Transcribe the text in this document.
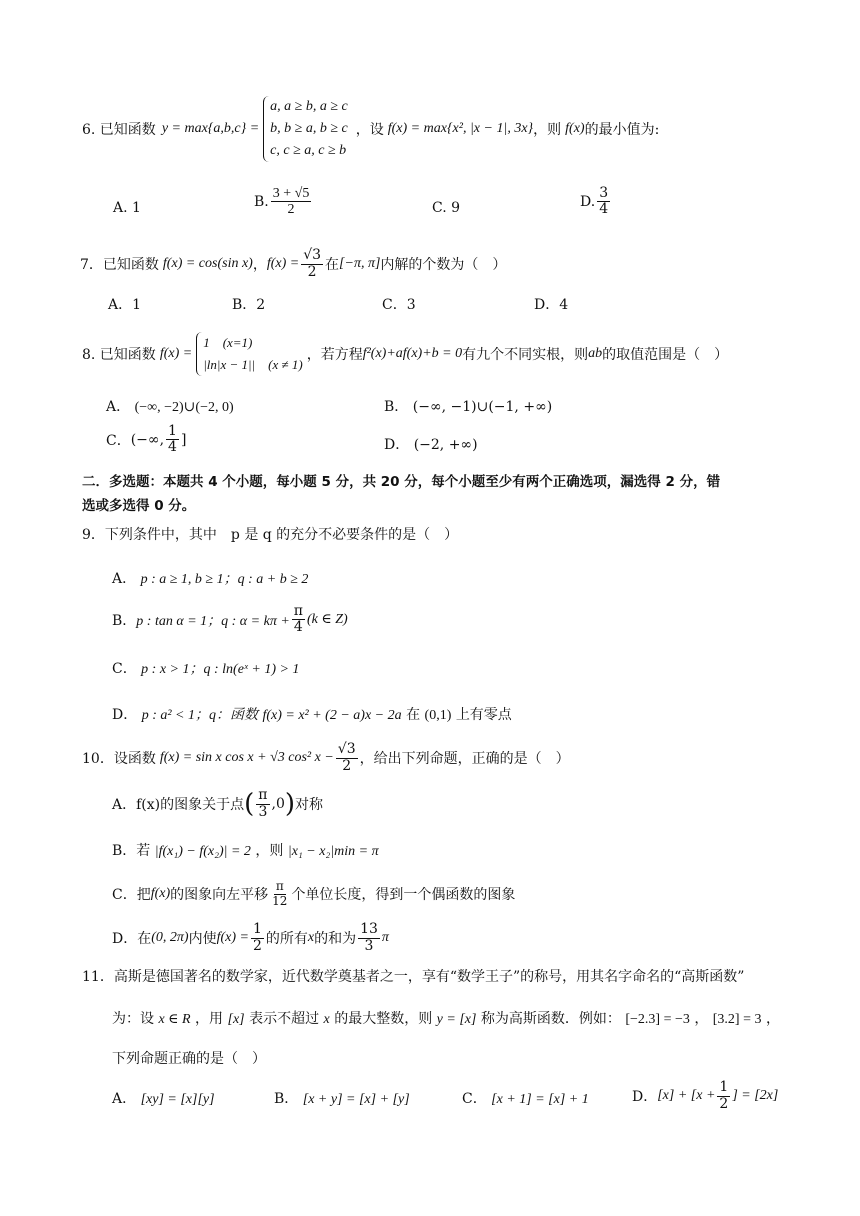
6. 已知函数 y = max{a,b,c} =
a, a ≥ b, a ≥ c
b, b ≥ a, b ≥ c
c, c ≥ a, c ≥ b
，设 f(x) = max{x², |x − 1|, 3x} ，则 f(x) 的最小值为:
A. 1	B. $\frac{3 + √5}{2}$	C. 9	D. $\frac{3}{4}$
7．已知函数 f(x) = cos(sin x) ， $f(x) = \frac{√3}{2}$ 在 [−π, π] 内解的个数为（　）
A．1	B．2	C．3	D．4
8. 已知函数 f(x) =
1　(x=1)
|ln|x − 1||　(x ≠ 1)
，若方程 f²(x)+af(x)+b = 0 有九个不同实根，则 ab 的取值范围是（　）
A． (−∞, −2)∪(−2, 0)	B． (−∞, −1)∪(−1, +∞)
C． (−∞, $\frac{1}{4}$ ]	D． (−2, +∞)
二．多选题：本题共 4 个小题，每小题 5 分，共 20 分，每个小题至少有两个正确选项，漏选得 2 分，错
选或多选得 0 分。
9．下列条件中，其中　p 是 q 的充分不必要条件的是（　）
A． p : a ≥ 1, b ≥ 1；q : a + b ≥ 2
B． p : tan α = 1；q : $\alpha = k\pi + \frac{\pi}{4} (k$ ∈ Z)
C． p : x > 1；q : ln(eˣ + 1) > 1
D． p : a² < 1；q：函数 f(x) = x² + (2 − a)x − 2a 在 (0,1) 上有零点
10．设函数 f(x) = sin x cos x + √3 cos² $x - \frac{√3}{2}$ ，给出下列命题，正确的是（　）
A． f(x)的图象关于点 ( $\frac{\pi}{3} ,0$ ) 对称
B．若 |f(x₁) − f(x₂)| = 2 ，则 |x₁ − x₂|min = π
C．把 f(x) 的图象向左平移 $\frac{\pi}{12}$ 个单位长度，得到一个偶函数的图象
D．在 (0, 2π) 内使 $f(x) = \frac{1}{2}$ 的所有 x 的和为 $\frac{13}{3}$ π
11．高斯是德国著名的数学家，近代数学奠基者之一，享有“数学王子”的称号，用其名字命名的“高斯函数”
为：设 x ∈ R ，用 [x] 表示不超过 x 的最大整数，则 y = [x] 称为高斯函数．例如： [−2.3] = −3 ， [3.2] = 3 ，
下列命题正确的是（　）
A． [xy] = [x][y]	B． [x + y] = [x] + [y]	C． [x + 1] = [x] + 1	D． $[x] + [x + \frac{1}{2}$ ] = [2x]
